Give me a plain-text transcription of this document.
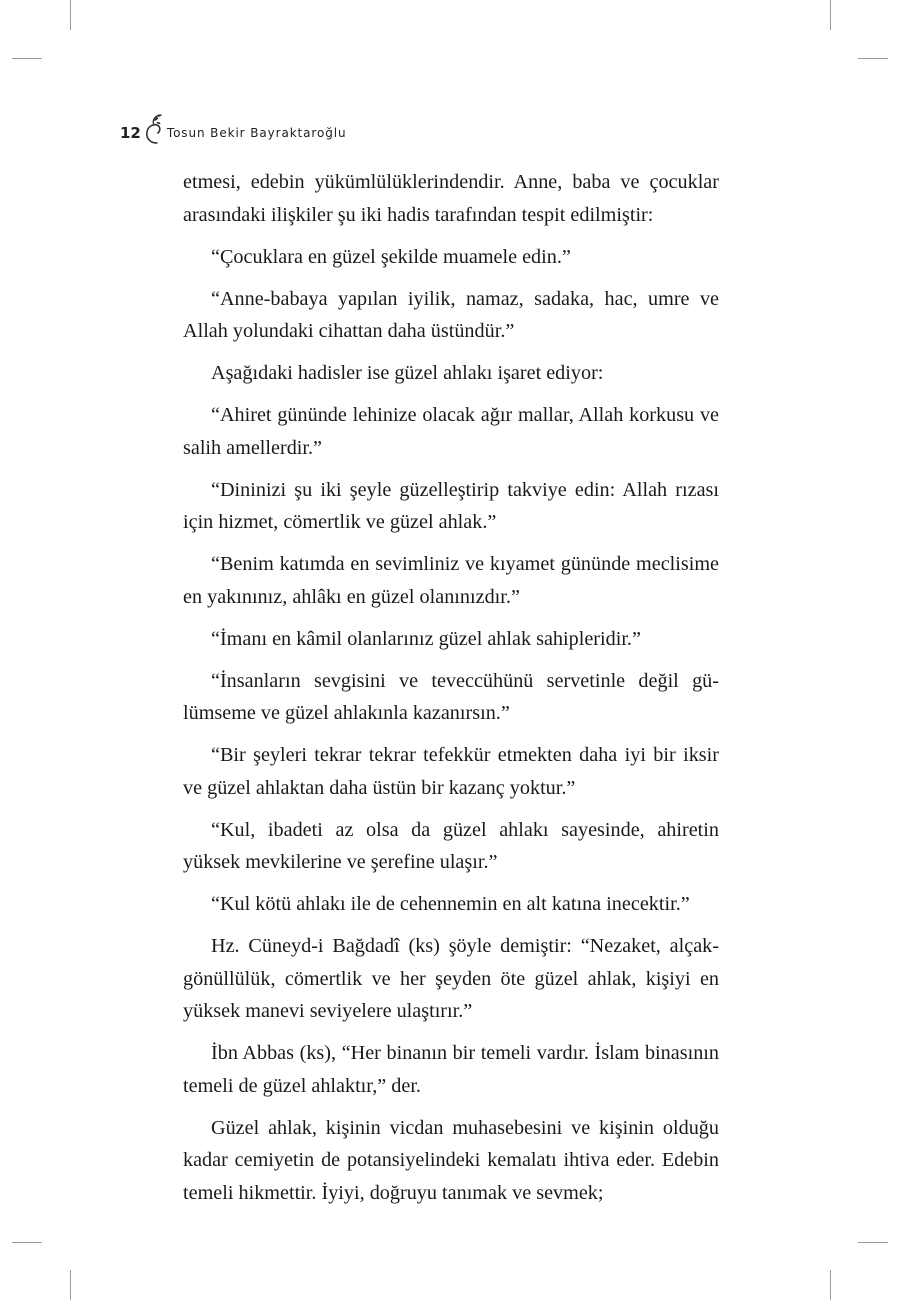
12 Tosun Bekir Bayraktaroğlu

etmesi, edebin yükümlülüklerindendir. Anne, baba ve çocuklar arasındaki ilişkiler şu iki hadis tarafından tespit edilmiştir:

“Çocuklara en güzel şekilde muamele edin.”

“Anne-babaya yapılan iyilik, namaz, sadaka, hac, umre ve Allah yolundaki cihattan daha üstündür.”

Aşağıdaki hadisler ise güzel ahlakı işaret ediyor:

“Ahiret gününde lehinize olacak ağır mallar, Allah korkusu ve salih amellerdir.”

“Dininizi şu iki şeyle güzelleştirip takviye edin: Allah rızası için hizmet, cömertlik ve güzel ahlak.”

“Benim katımda en sevimliniz ve kıyamet gününde meclisime en yakınınız, ahlâkı en güzel olanınızdır.”

“İmanı en kâmil olanlarınız güzel ahlak sahipleridir.”

“İnsanların sevgisini ve teveccühünü servetinle değil gülümseme ve güzel ahlakınla kazanırsın.”

“Bir şeyleri tekrar tekrar tefekkür etmekten daha iyi bir iksir ve güzel ahlaktan daha üstün bir kazanç yoktur.”

“Kul, ibadeti az olsa da güzel ahlakı sayesinde, ahiretin yüksek mevkilerine ve şerefine ulaşır.”

“Kul kötü ahlakı ile de cehennemin en alt katına inecektir.”

Hz. Cüneyd-i Bağdadî (ks) şöyle demiştir: “Nezaket, alçakgönüllülük, cömertlik ve her şeyden öte güzel ahlak, kişiyi en yüksek manevi seviyelere ulaştırır.”

İbn Abbas (ks), “Her binanın bir temeli vardır. İslam binasının temeli de güzel ahlaktır,” der.

Güzel ahlak, kişinin vicdan muhasebesini ve kişinin olduğu kadar cemiyetin de potansiyelindeki kemalatı ihtiva eder. Edebin temeli hikmettir. İyiyi, doğruyu tanımak ve sevmek;
